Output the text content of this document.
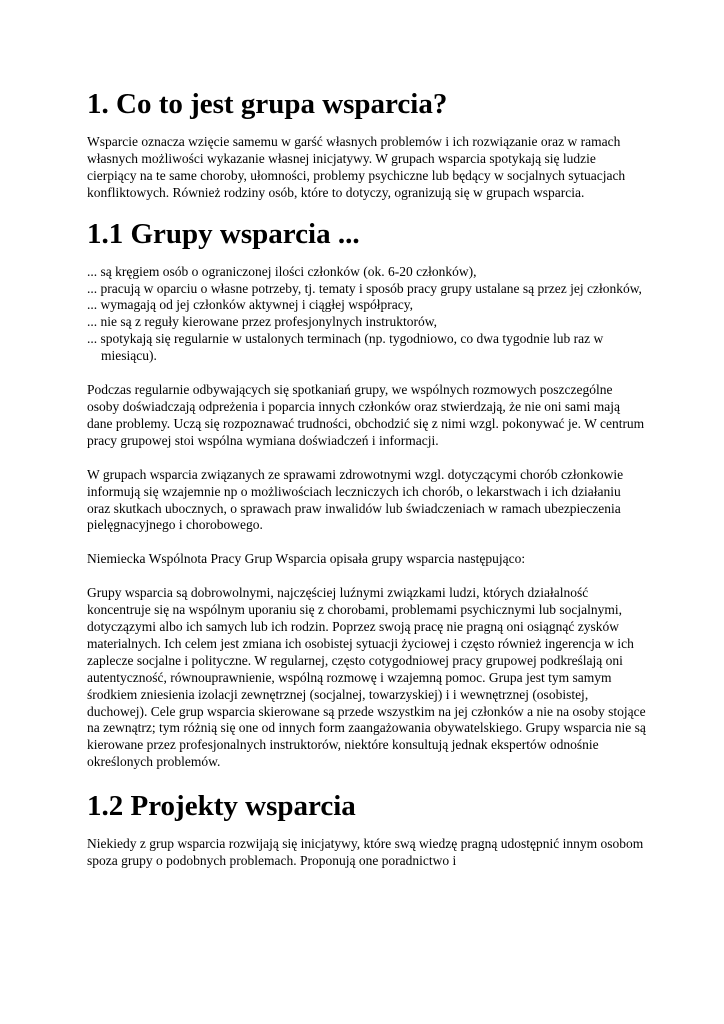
1. Co to jest grupa wsparcia?

Wsparcie oznacza wzięcie samemu w garść własnych problemów i ich rozwiązanie oraz w ramach własnych możliwości wykazanie własnej inicjatywy. W grupach wsparcia spotykają się ludzie cierpiący na te same choroby, ułomności, problemy psychiczne lub będący w socjalnych sytuacjach konfliktowych. Również rodziny osób, które to dotyczy, ogranizują się w grupach wsparcia.

1.1 Grupy wsparcia ...
... są kręgiem osób o ograniczonej ilości członków (ok. 6-20 członków),
... pracują w oparciu o własne potrzeby, tj. tematy i sposób pracy grupy ustalane są przez jej członków,
... wymagają od jej członków aktywnej i ciągłej współpracy,
... nie są z reguły kierowane przez profesjonylnych instruktorów,
... spotykają się regularnie w ustalonych terminach (np. tygodniowo, co dwa tygodnie lub raz w miesiącu).

Podczas regularnie odbywających się spotkaniań grupy, we wspólnych rozmowych poszczególne osoby doświadczają odpreżenia i poparcia innych członków oraz stwierdzają, że nie oni sami mają dane problemy. Uczą się rozpoznawać trudności, obchodzić się z nimi wzgl. pokonywać je. W centrum pracy grupowej stoi wspólna wymiana doświadczeń i informacji.

W grupach wsparcia związanych ze sprawami zdrowotnymi wzgl. dotyczącymi chorób członkowie informują się wzajemnie np o możliwościach leczniczych ich chorób, o lekarstwach i ich działaniu oraz skutkach ubocznych, o sprawach praw inwalidów lub świadczeniach w ramach ubezpieczenia pielęgnacyjnego i chorobowego.

Niemiecka Wspólnota Pracy Grup Wsparcia opisała grupy wsparcia następująco:

Grupy wsparcia są dobrowolnymi, najczęściej luźnymi związkami ludzi, których działalność koncentruje się na wspólnym uporaniu się z chorobami, problemami psychicznymi lub socjalnymi, dotyczązymi albo ich samych lub ich rodzin. Poprzez swoją pracę nie pragną oni osiągnąć zysków materialnych. Ich celem jest zmiana ich osobistej sytuacji życiowej i często również ingerencja w ich zaplecze socjalne i polityczne. W regularnej, często cotygodniowej pracy grupowej podkreślają oni autentyczność, równouprawnienie, wspólną rozmowę i wzajemną pomoc. Grupa jest tym samym środkiem zniesienia izolacji zewnętrznej (socjalnej, towarzyskiej) i i wewnętrznej (osobistej, duchowej). Cele grup wsparcia skierowane są przede wszystkim na jej członków a nie na osoby stojące na zewnątrz; tym różnią się one od innych form zaangażowania obywatelskiego. Grupy wsparcia nie są kierowane przez profesjonalnych instruktorów, niektóre konsultują jednak ekspertów odnośnie określonych problemów.

1.2 Projekty wsparcia

Niekiedy z grup wsparcia rozwijają się inicjatywy, które swą wiedzę pragną udostępnić innym osobom spoza grupy o podobnych problemach. Proponują one poradnictwo i
